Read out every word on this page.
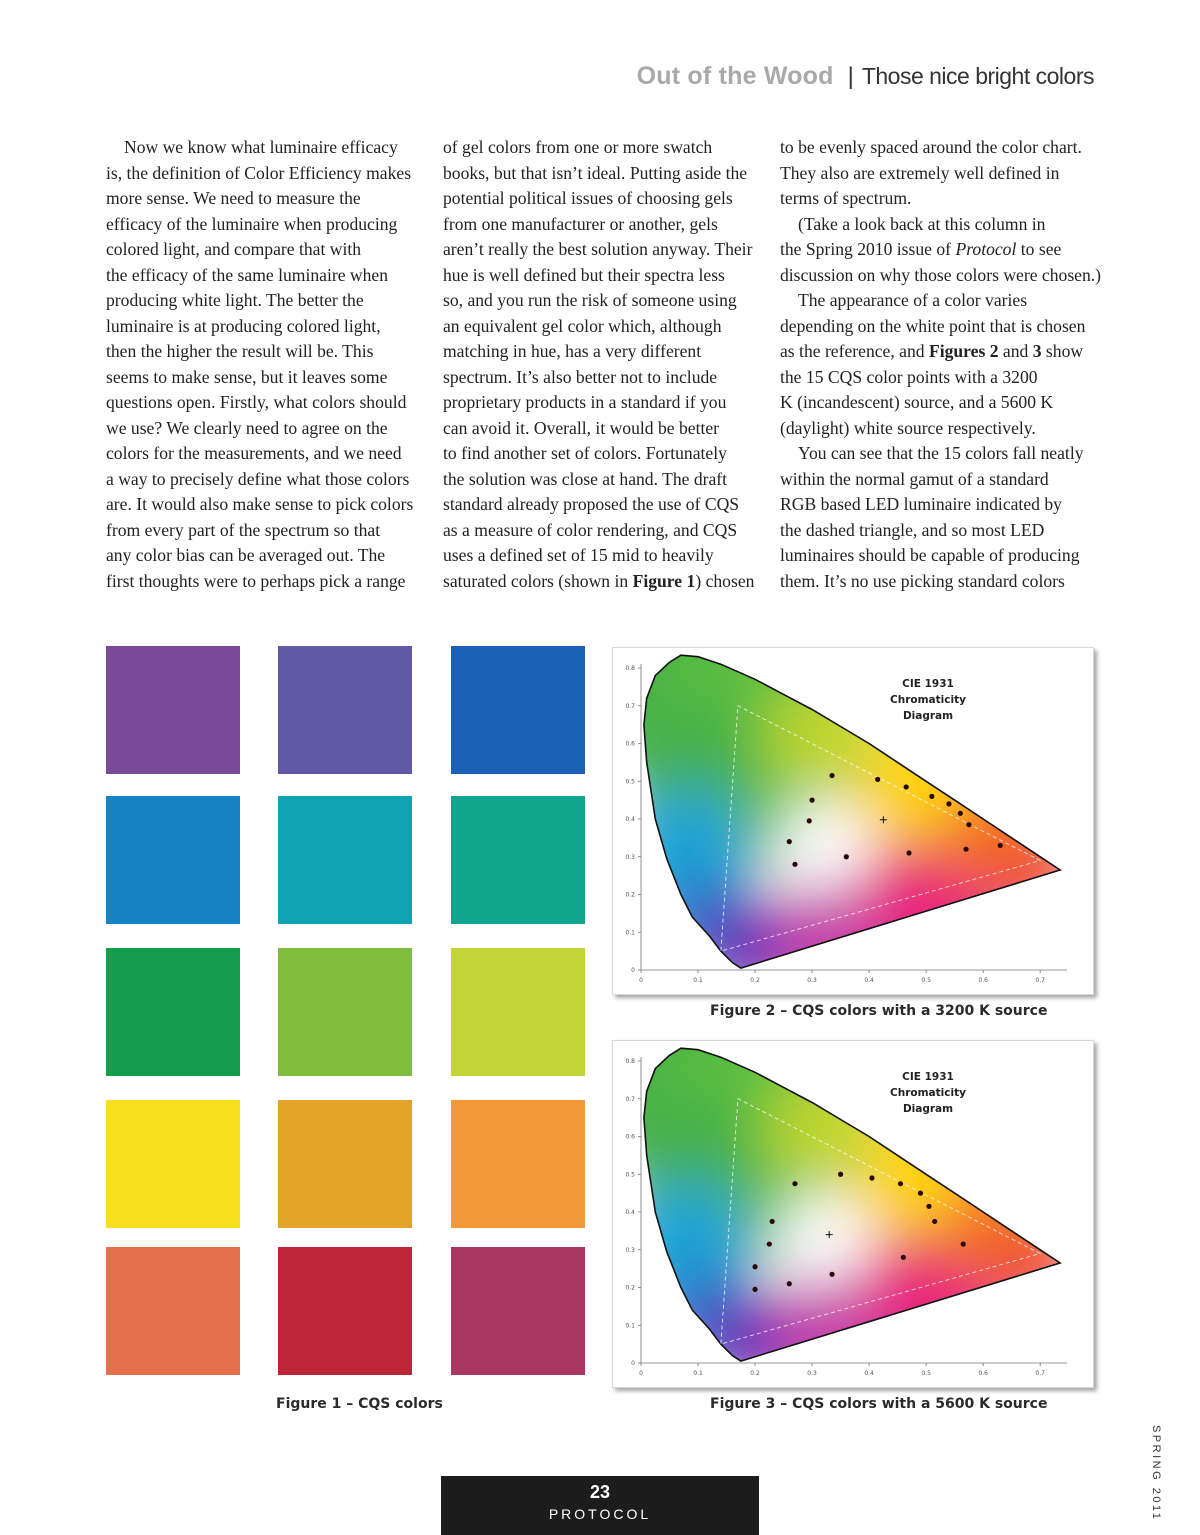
Out of the Wood | Those nice bright colors

Now we know what luminaire efficacy

is, the definition of Color Efficiency makes
more sense. We need to measure the
efficacy of the luminaire when producing
colored light, and compare that with
the efficacy of the same luminaire when
producing white light. The better the
luminaire is at producing colored light,
then the higher the result will be. This
seems to make sense, but it leaves some
questions open. Firstly, what colors should
we use? We clearly need to agree on the
colors for the measurements, and we need
a way to precisely define what those colors
are. It would also make sense to pick colors
from every part of the spectrum so that
any color bias can be averaged out. The
first thoughts were to perhaps pick a range
of gel colors from one or more swatch
books, but that isn’t ideal. Putting aside the
potential political issues of choosing gels
from one manufacturer or another, gels
aren’t really the best solution anyway. Their
hue is well defined but their spectra less
so, and you run the risk of someone using
an equivalent gel color which, although
matching in hue, has a very different
spectrum. It’s also better not to include
proprietary products in a standard if you
can avoid it. Overall, it would be better
to find another set of colors. Fortunately
the solution was close at hand. The draft
standard already proposed the use of CQS
as a measure of color rendering, and CQS
uses a defined set of 15 mid to heavily
saturated colors (shown in Figure 1) chosen
to be evenly spaced around the color chart.
They also are extremely well defined in
terms of spectrum.
(Take a look back at this column in
the Spring 2010 issue of Protocol to see
discussion on why those colors were chosen.)
The appearance of a color varies
depending on the white point that is chosen
as the reference, and Figures 2 and 3 show
the 15 CQS color points with a 3200
K (incandescent) source, and a 5600 K
(daylight) white source respectively.
You can see that the 15 colors fall neatly
within the normal gamut of a standard
RGB based LED luminaire indicated by
the dashed triangle, and so most LED
luminaires should be capable of producing
them. It’s no use picking standard colors
Figure 1 – CQS colors
0	0.1	0.2	0.3	0.4	0.5	0.6	0.7
0
0.1
0.2
0.3
0.4
0.5
0.6
0.7
0.8
CIE 1931
Chromaticity
Diagram
Figure 2 – CQS colors with a 3200 K source
0	0.1	0.2	0.3	0.4	0.5	0.6	0.7
0
0.1
0.2
0.3
0.4
0.5
0.6
0.7
0.8
CIE 1931
Chromaticity
Diagram
Figure 3 – CQS colors with a 5600 K source
23
PROTOCOL	SPRING 2011
